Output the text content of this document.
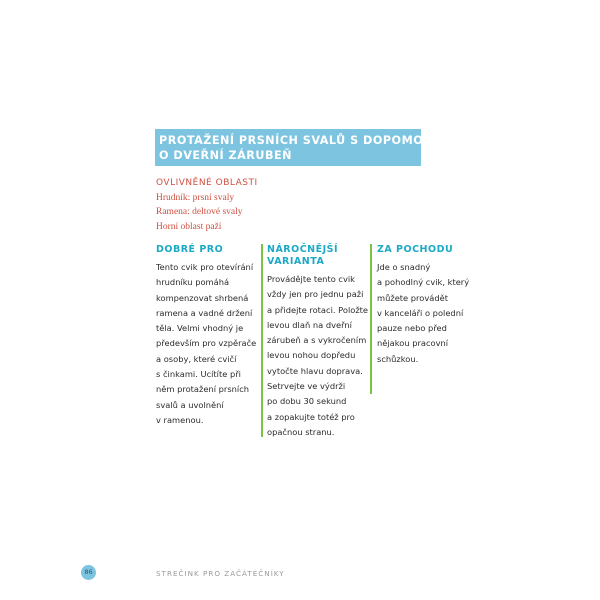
PROTAŽENÍ PRSNÍCH SVALŮ S DOPOMOCÍ
O DVEŘNÍ ZÁRUBEŇ
OVLIVNĚNÉ OBLASTI
Hrudník: prsní svaly
Ramena: deltové svaly
Horní oblast paží
DOBRÉ PRO
Tento cvik pro otevírání
hrudníku pomáhá
kompenzovat shrbená
ramena a vadné držení
těla. Velmi vhodný je
především pro vzpěrače
a osoby, které cvičí
s činkami. Ucítíte při
něm protažení prsních
svalů a uvolnění
v ramenou.
NÁROČNĚJŠÍ
VARIANTA
Provádějte tento cvik
vždy jen pro jednu paži
a přidejte rotaci. Položte
levou dlaň na dveřní
zárubeň a s vykročením
levou nohou dopředu
vytočte hlavu doprava.
Setrvejte ve výdrži
po dobu 30 sekund
a zopakujte totéž pro
opačnou stranu.
ZA POCHODU
Jde o snadný
a pohodlný cvik, který
můžete provádět
v kanceláři o polední
pauze nebo před
nějakou pracovní
schůzkou.
86	STREČINK PRO ZAČÁTEČNÍKY
